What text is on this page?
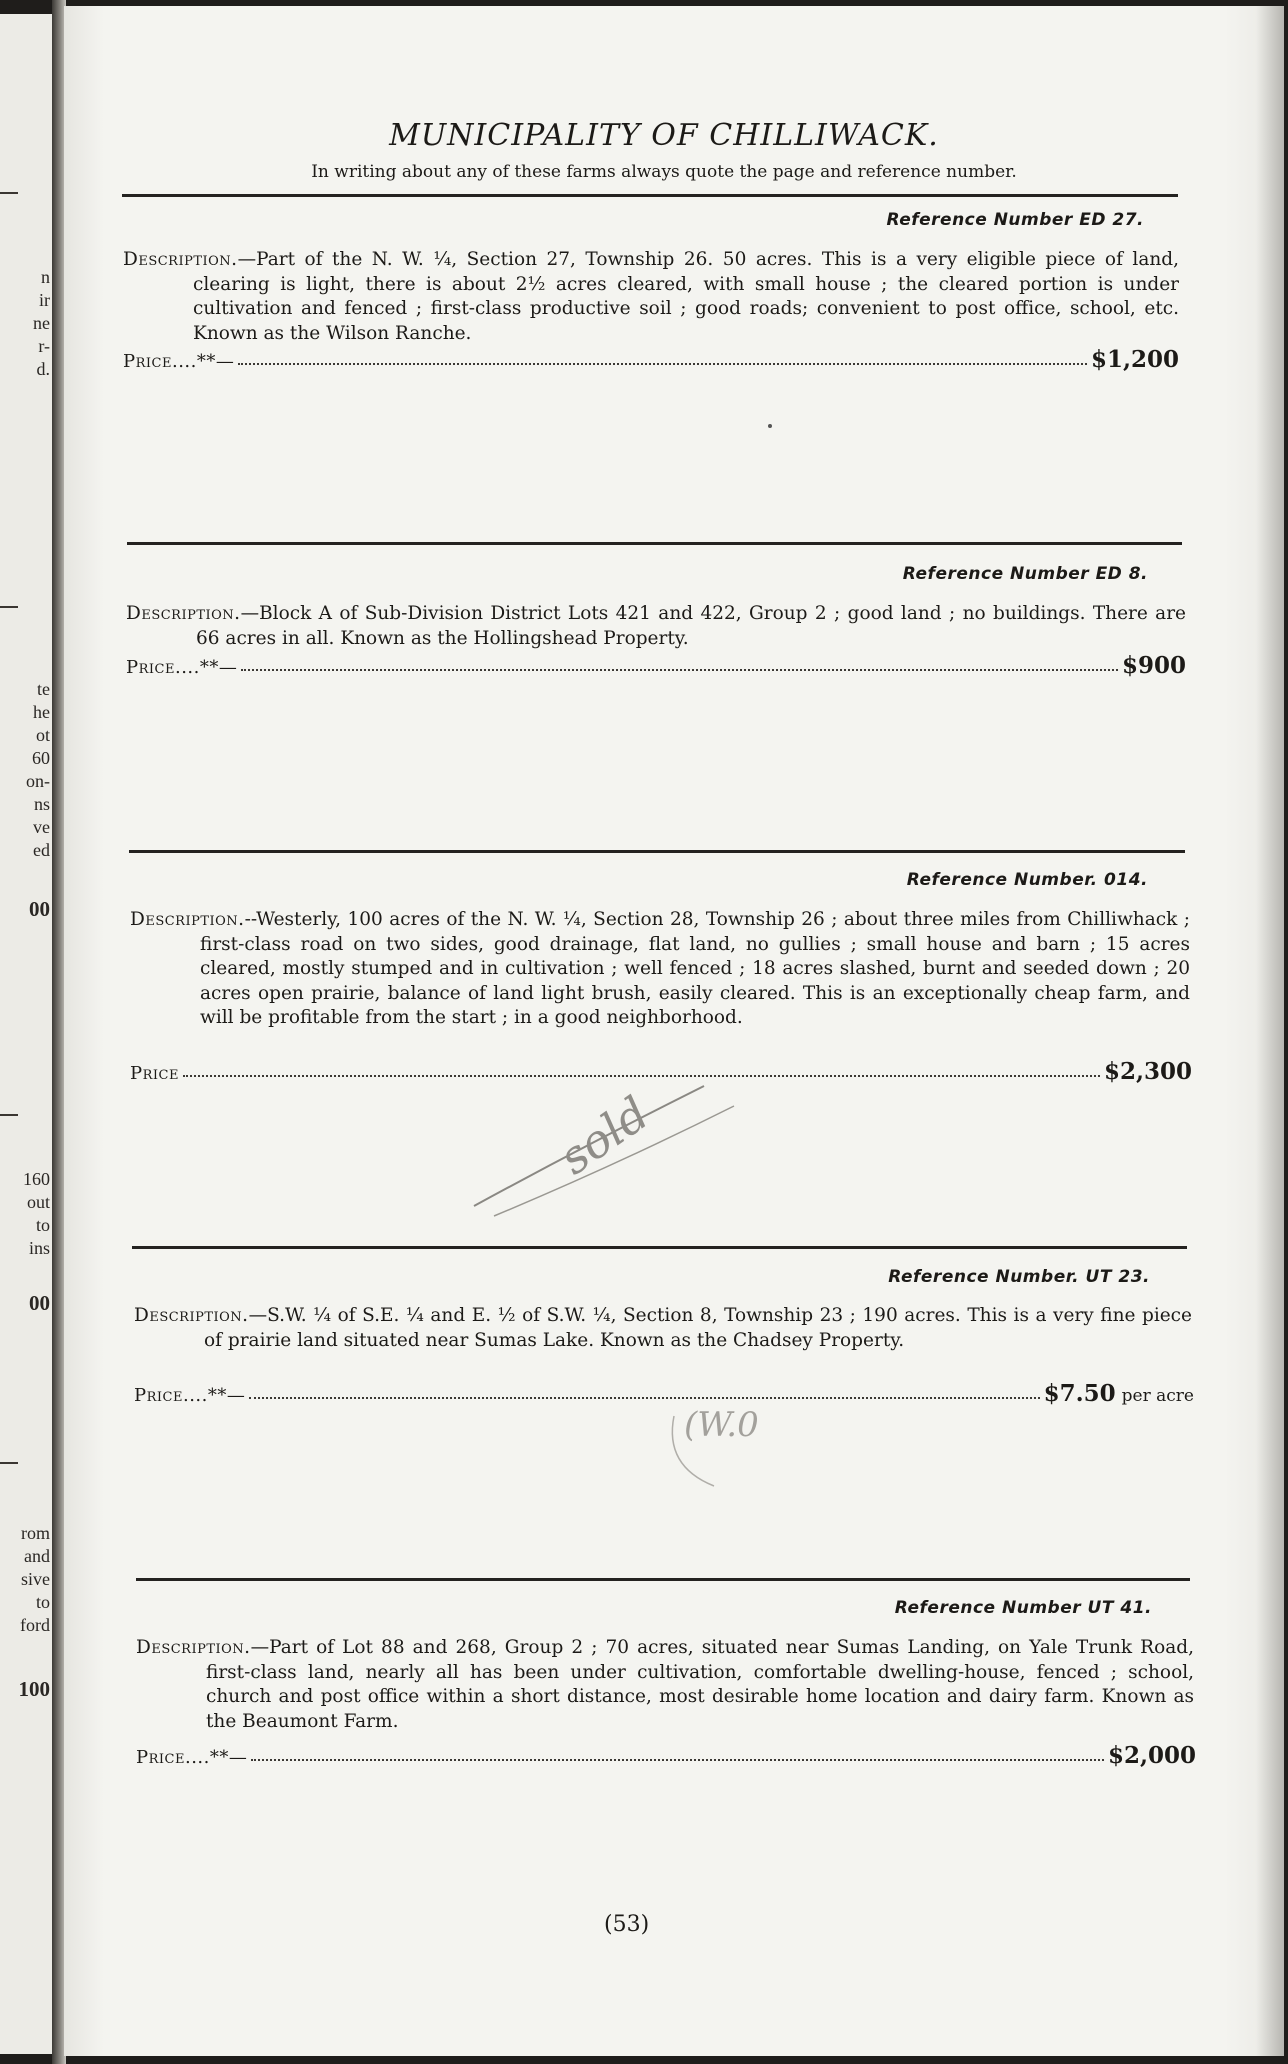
n
ir
ne
r-
d.
te
he
ot
60
on-
ns
ve
ed
00
160
out
to
ins
00
rom
and
sive
to
ford
100
MUNICIPALITY OF CHILLIWACK.
In writing about any of these farms always quote the page and reference number.
Reference Number ED 27.
Description.—Part of the N. W. ¼, Section 27, Township 26. 50 acres. This is a very eligible piece of land, clearing is light, there is about 2½ acres cleared, with small house ; the cleared portion is under cultivation and fenced ; first-class productive soil ; good roads; convenient to post office, school, etc. Known as the Wilson Ranche.
Price....**—	$1,200
Reference Number ED 8.
Description.—Block A of Sub-Division District Lots 421 and 422, Group 2 ; good land ; no buildings. There are 66 acres in all. Known as the Hollingshead Property.
Price....**—	$900
Reference Number. 014.
Description.--Westerly, 100 acres of the N. W. ¼, Section 28, Township 26 ; about three miles from Chilliwhack ; first-class road on two sides, good drainage, flat land, no gullies ; small house and barn ; 15 acres cleared, mostly stumped and in cultivation ; well fenced ; 18 acres slashed, burnt and seeded down ; 20 acres open prairie, balance of land light brush, easily cleared. This is an exceptionally cheap farm, and will be profitable from the start ; in a good neighborhood.
Price	$2,300
sold
Reference Number. UT 23.
Description.—S.W. ¼ of S.E. ¼ and E. ½ of S.W. ¼, Section 8, Township 23 ; 190 acres. This is a very fine piece of prairie land situated near Sumas Lake. Known as the Chadsey Property.
Price....**—	$7.50 per acre
(W.0
Reference Number UT 41.
Description.—Part of Lot 88 and 268, Group 2 ; 70 acres, situated near Sumas Landing, on Yale Trunk Road, first-class land, nearly all has been under cultivation, comfortable dwelling-house, fenced ; school, church and post office within a short distance, most desirable home location and dairy farm. Known as the Beaumont Farm.
Price....**—	$2,000
(53)
